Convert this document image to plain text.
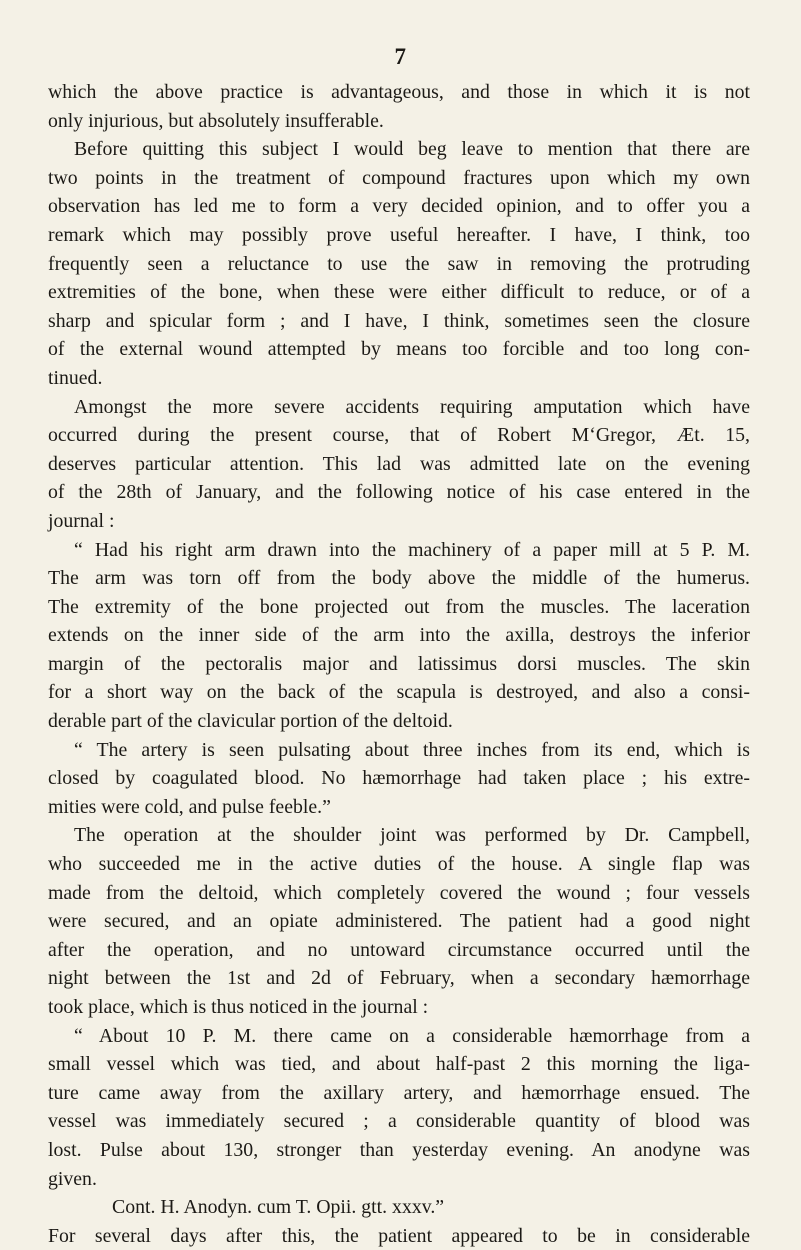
7
which the above practice is advantageous, and those in which it is not
only injurious, but absolutely insufferable.
Before quitting this subject I would beg leave to mention that there are
two points in the treatment of compound fractures upon which my own
observation has led me to form a very decided opinion, and to offer you a
remark which may possibly prove useful hereafter. I have, I think, too
frequently seen a reluctance to use the saw in removing the protruding
extremities of the bone, when these were either difficult to reduce, or of a
sharp and spicular form ; and I have, I think, sometimes seen the closure
of the external wound attempted by means too forcible and too long con-
tinued.
Amongst the more severe accidents requiring amputation which have
occurred during the present course, that of Robert M‘Gregor, Æt. 15,
deserves particular attention. This lad was admitted late on the evening
of the 28th of January, and the following notice of his case entered in the
journal :
“ Had his right arm drawn into the machinery of a paper mill at 5 P. M.
The arm was torn off from the body above the middle of the humerus.
The extremity of the bone projected out from the muscles. The laceration
extends on the inner side of the arm into the axilla, destroys the inferior
margin of the pectoralis major and latissimus dorsi muscles. The skin
for a short way on the back of the scapula is destroyed, and also a consi-
derable part of the clavicular portion of the deltoid.
“ The artery is seen pulsating about three inches from its end, which is
closed by coagulated blood. No hæmorrhage had taken place ; his extre-
mities were cold, and pulse feeble.”
The operation at the shoulder joint was performed by Dr. Campbell,
who succeeded me in the active duties of the house. A single flap was
made from the deltoid, which completely covered the wound ; four vessels
were secured, and an opiate administered. The patient had a good night
after the operation, and no untoward circumstance occurred until the
night between the 1st and 2d of February, when a secondary hæmorrhage
took place, which is thus noticed in the journal :
“ About 10 P. M. there came on a considerable hæmorrhage from a
small vessel which was tied, and about half-past 2 this morning the liga-
ture came away from the axillary artery, and hæmorrhage ensued. The
vessel was immediately secured ; a considerable quantity of blood was
lost. Pulse about 130, stronger than yesterday evening. An anodyne was
given.
Cont. H. Anodyn. cum T. Opii. gtt. xxxv.”
For several days after this, the patient appeared to be in considerable
